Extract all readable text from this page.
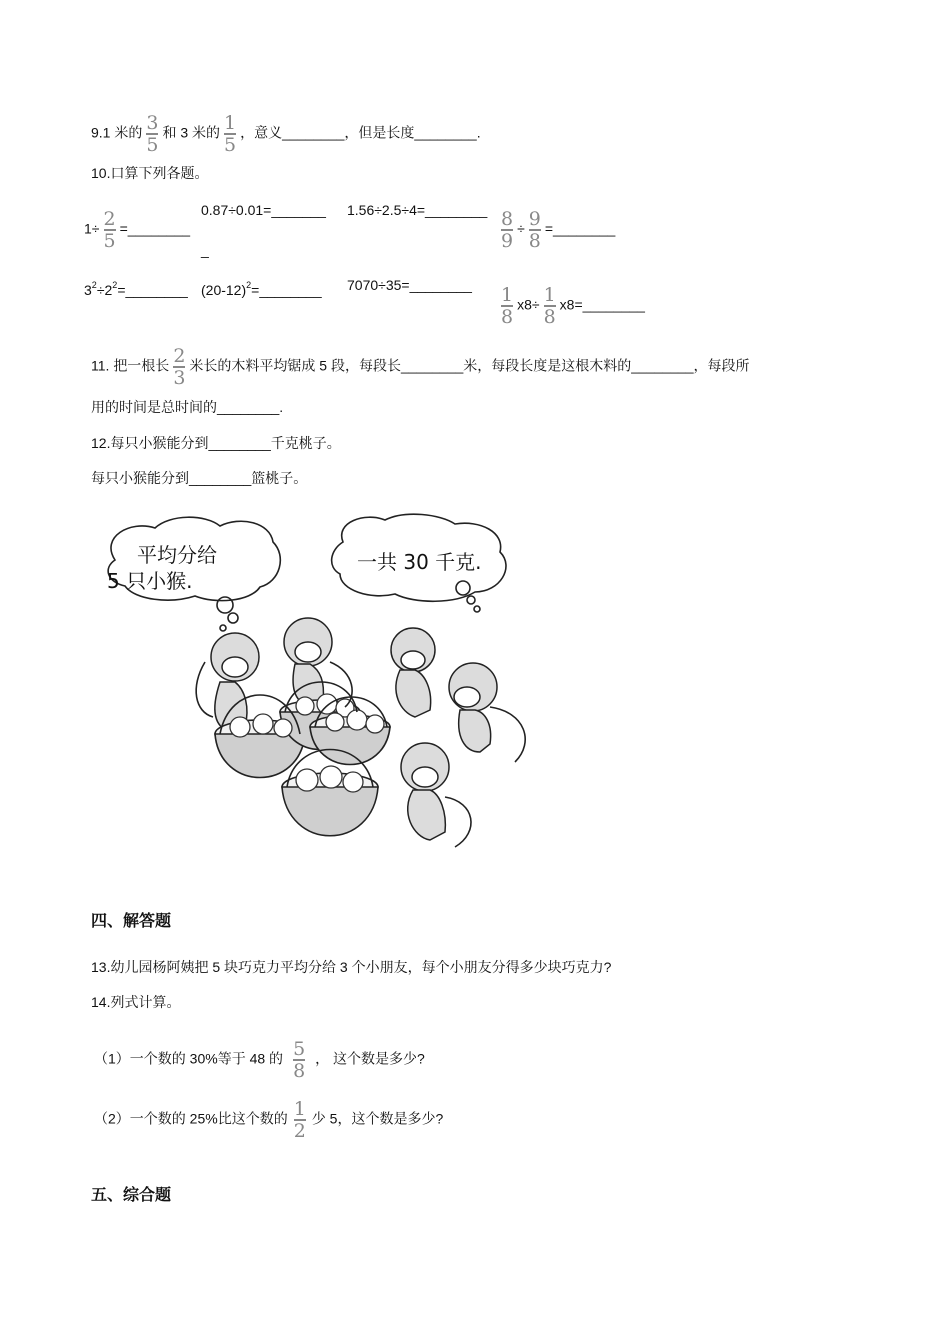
9.1 米的 $\frac{3}{5}$ 和 3 米的 $\frac{1}{5}$ ，意义________，但是长度________.
10.口算下列各题。
$1\div \frac{2}{5}$ =________
0.87÷0.01=_______ 1.56÷2.5÷4=________ $\frac{8}{9} \div \frac{9}{8}$ =________
_
$3^2\div 2^2=\_\_\_\_\_\_\_\_$ $(20-12)^2=\_\_\_\_\_\_\_\_$ 7070÷35=________
$\frac{1}{8} x8\div \frac{1}{8}$ x8=________
11. 把一根长 $\frac{2}{3}$ 米长的木料平均锯成 5 段，每段长________米，每段长度是这根木料的________，每段所
用的时间是总时间的________.
12.每只小猴能分到________千克桃子。
每只小猴能分到________篮桃子。
平均分给
5 只小猴.
一共 30 千克.
四、解答题
13.幼儿园杨阿姨把 5 块巧克力平均分给 3 个小朋友，每个小朋友分得多少块巧克力?
14.列式计算。
（1）一个数的 30%等于 48 的 $\frac{5}{8}$ ， 这个数是多少?
（2）一个数的 25%比这个数的 $\frac{1}{2}$ 少 5，这个数是多少?
五、综合题
